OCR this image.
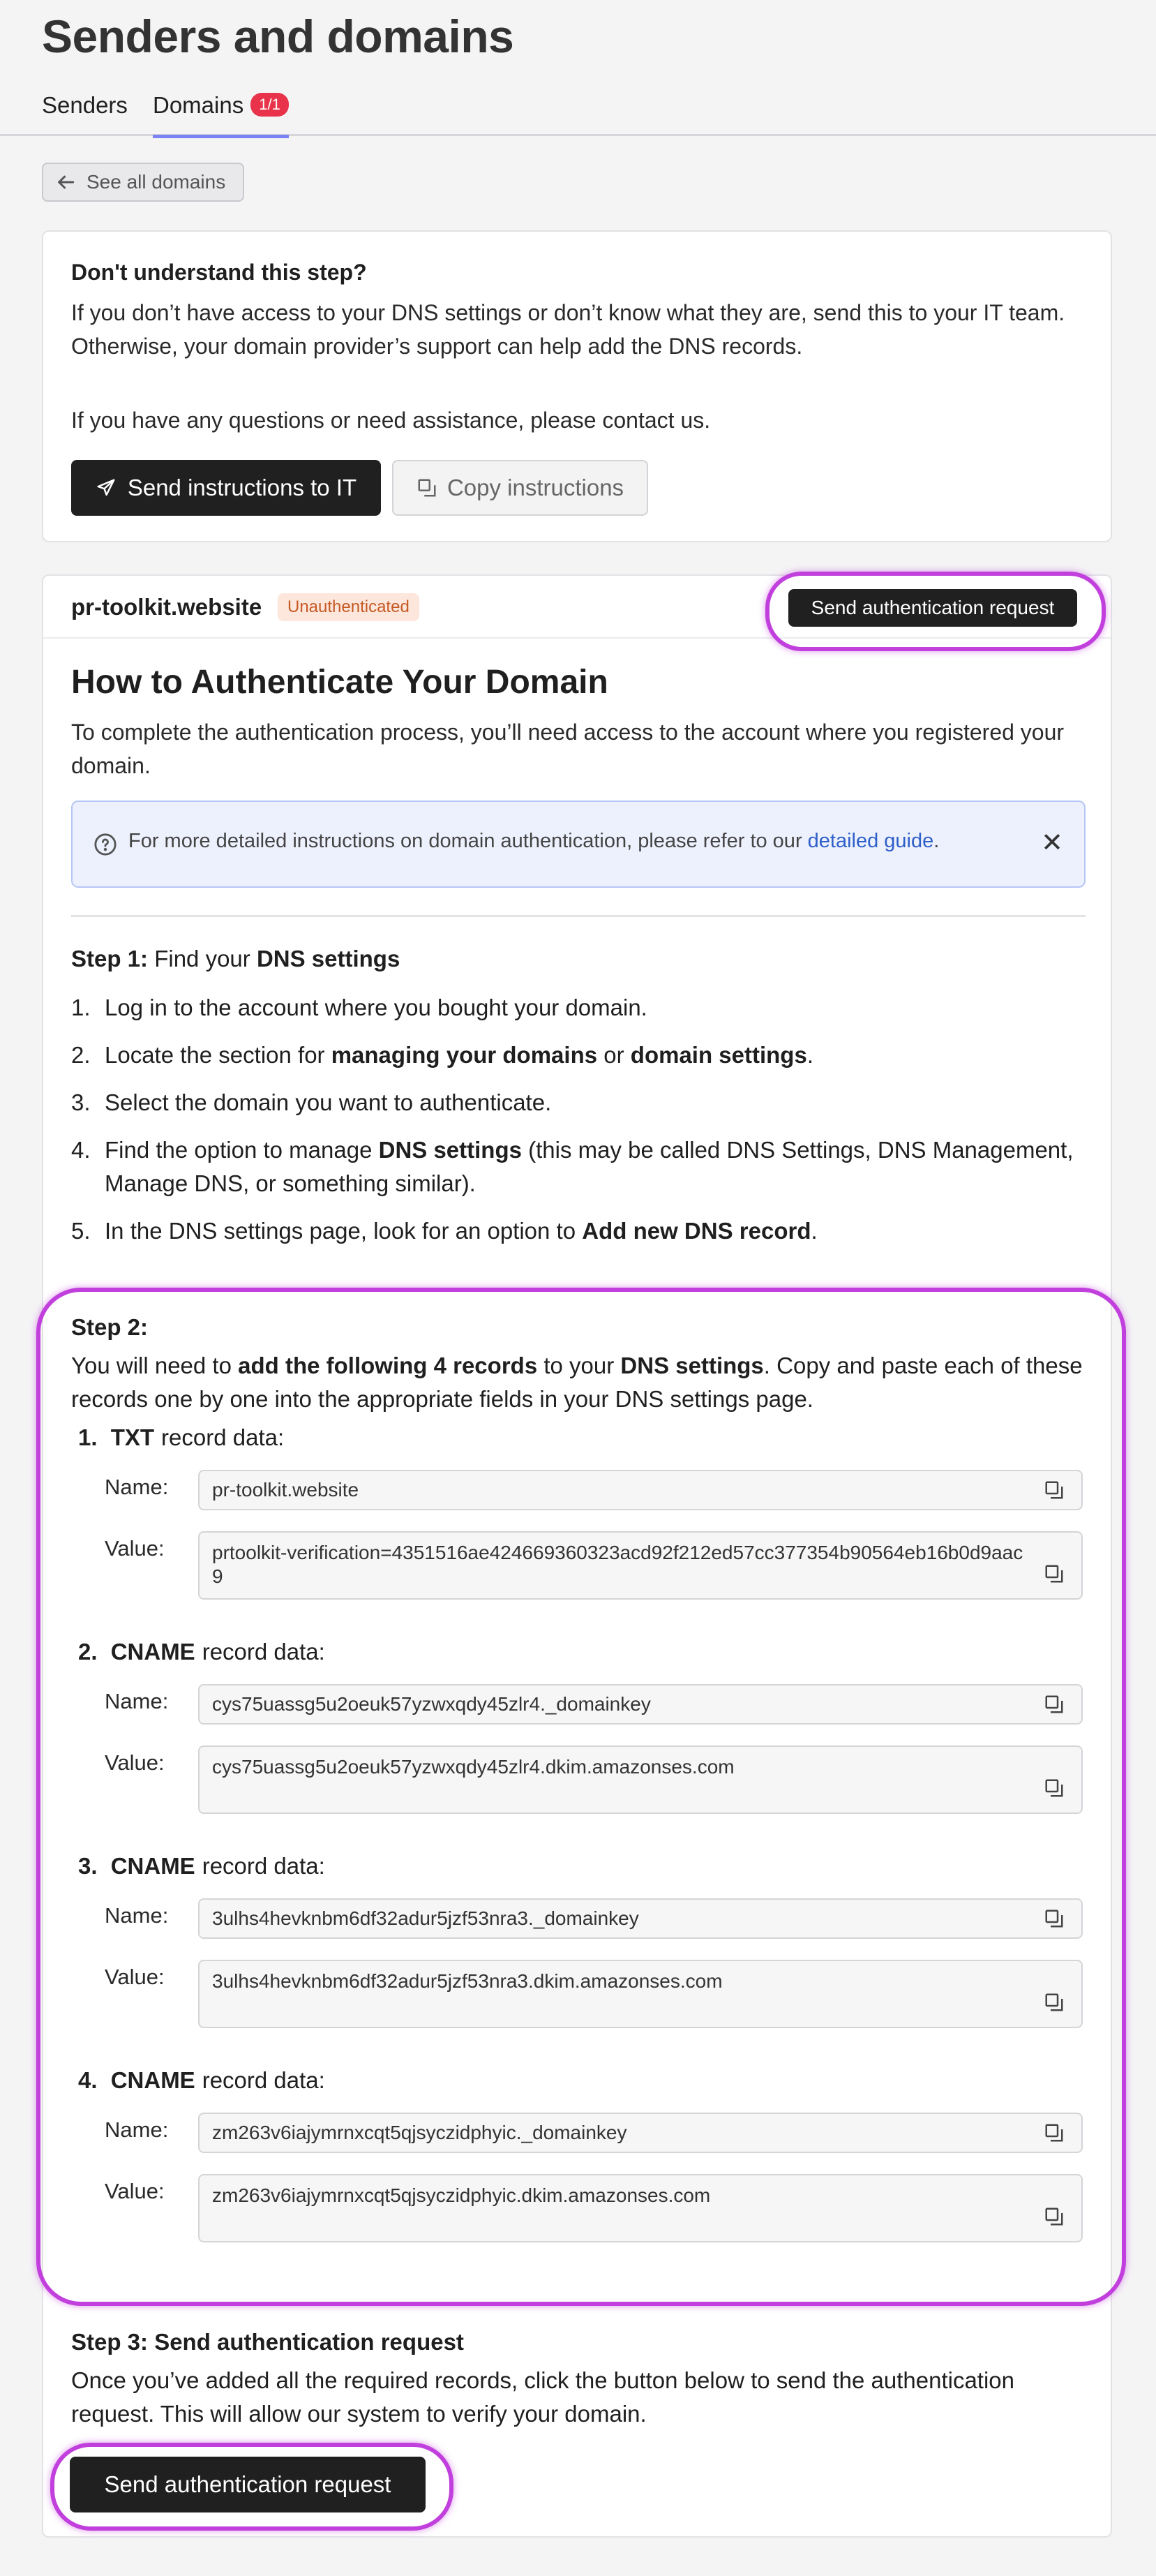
Senders and domains
Senders Domains 1/1
See all domains
Don't understand this step?

If you don’t have access to your DNS settings or don’t know what they are, send this to your IT team. Otherwise, your domain provider’s support can help add the DNS records.

If you have any questions or need assistance, please contact us.

Send instructions to IT	Copy instructions
pr-toolkit.website	Unauthenticated	Send authentication request
How to Authenticate Your Domain

To complete the authentication process, you’ll need access to the account where you registered your domain.

For more detailed instructions on domain authentication, please refer to our detailed guide.	✕

Step 1: Find your DNS settings

1. Log in to the account where you bought your domain.
2. Locate the section for managing your domains or domain settings.
3. Select the domain you want to authenticate.
4. Find the option to manage DNS settings (this may be called DNS Settings, DNS Management, Manage DNS, or something similar).
5. In the DNS settings page, look for an option to Add new DNS record.

Step 2:

You will need to add the following 4 records to your DNS settings. Copy and paste each of these records one by one into the appropriate fields in your DNS settings page.

1. TXT record data:
Name:	pr-toolkit.website
Value:	prtoolkit-verification=4351516ae424669360323acd92f212ed57cc377354b90564eb16b0d9aac9
2. CNAME record data:
Name:	cys75uassg5u2oeuk57yzwxqdy45zlr4._domainkey
Value:	cys75uassg5u2oeuk57yzwxqdy45zlr4.dkim.amazonses.com
3. CNAME record data:
Name:	3ulhs4hevknbm6df32adur5jzf53nra3._domainkey
Value:	3ulhs4hevknbm6df32adur5jzf53nra3.dkim.amazonses.com
4. CNAME record data:
Name:	zm263v6iajymrnxcqt5qjsyczidphyic._domainkey
Value:	zm263v6iajymrnxcqt5qjsyczidphyic.dkim.amazonses.com

Step 3: Send authentication request

Once you’ve added all the required records, click the button below to send the authentication request. This will allow our system to verify your domain.

Send authentication request
